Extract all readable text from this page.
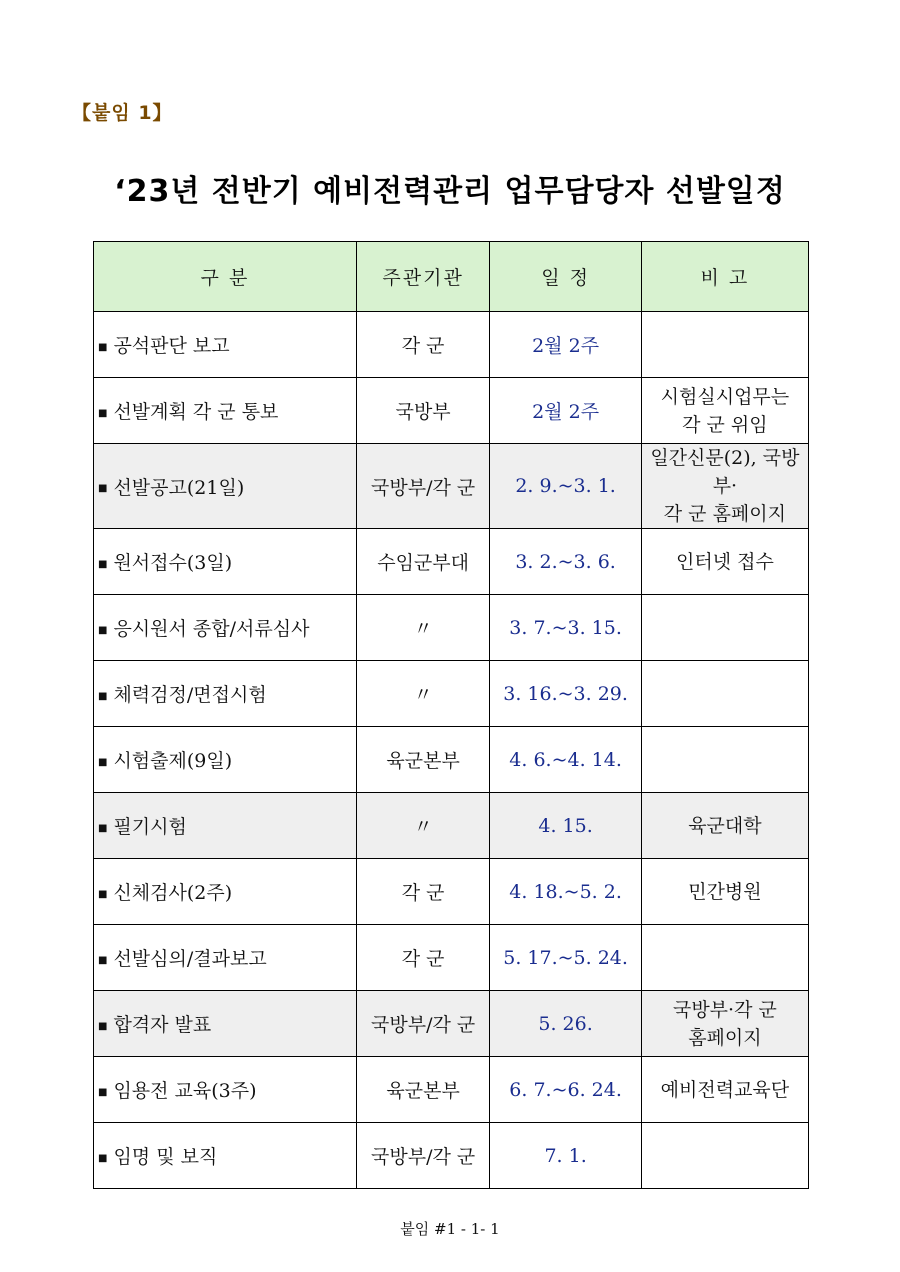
【붙임 1】
‘23년 전반기 예비전력관리 업무담당자 선발일정
구 분	주관기관	일 정	비 고
■ 공석판단 보고	각 군	2월 2주	
■ 선발계획 각 군 통보	국방부	2월 2주	시험실시업무는
각 군 위임
■ 선발공고(21일)	국방부/각 군	2. 9.~3. 1.	일간신문(2), 국방부·
각 군 홈페이지
■ 원서접수(3일)	수임군부대	3. 2.~3. 6.	인터넷 접수
■ 응시원서 종합/서류심사	〃	3. 7.~3. 15.	
■ 체력검정/면접시험	〃	3. 16.~3. 29.	
■ 시험출제(9일)	육군본부	4. 6.~4. 14.	
■ 필기시험	〃	4. 15.	육군대학
■ 신체검사(2주)	각 군	4. 18.~5. 2.	민간병원
■ 선발심의/결과보고	각 군	5. 17.~5. 24.	
■ 합격자 발표	국방부/각 군	5. 26.	국방부·각 군
홈페이지
■ 임용전 교육(3주)	육군본부	6. 7.~6. 24.	예비전력교육단
■ 임명 및 보직	국방부/각 군	7. 1.	
붙임 #1 - 1- 1
